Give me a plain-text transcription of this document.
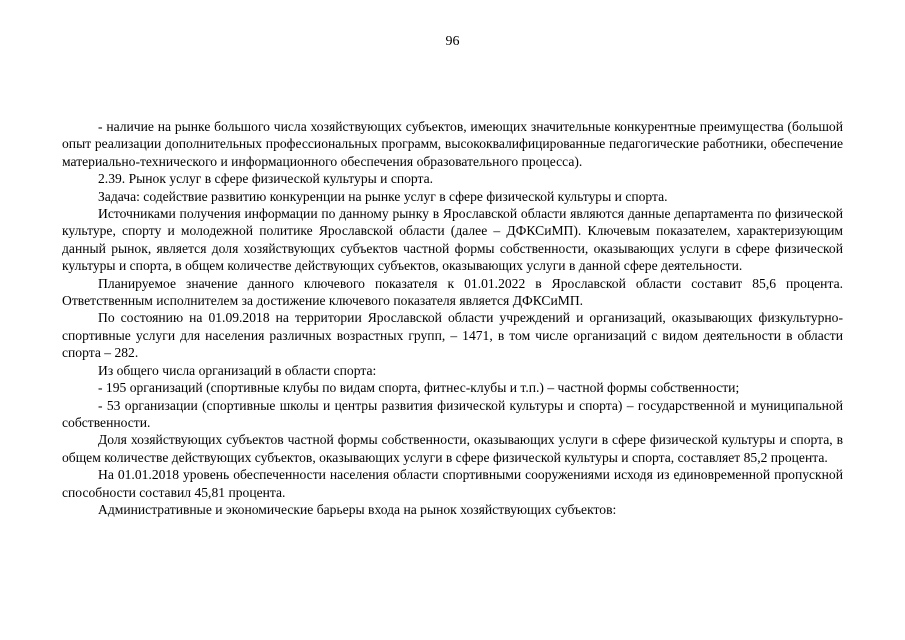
96

- наличие на рынке большого числа хозяйствующих субъектов, имеющих значительные конкурентные преимущества (большой опыт реализации дополнительных профессиональных программ, высококвалифицированные педагогические работники, обеспечение материально-технического и информационного обеспечения образовательного процесса).

2.39. Рынок услуг в сфере физической культуры и спорта.

Задача: содействие развитию конкуренции на рынке услуг в сфере физической культуры и спорта.

Источниками получения информации по данному рынку в Ярославской области являются данные департамента по физической культуре, спорту и молодежной политике Ярославской области (далее – ДФКСиМП). Ключевым показателем, характеризующим данный рынок, является доля хозяйствующих субъектов частной формы собственности, оказывающих услуги в сфере физической культуры и спорта, в общем количестве действующих субъектов, оказывающих услуги в данной сфере деятельности.

Планируемое значение данного ключевого показателя к 01.01.2022 в Ярославской области составит 85,6 процента. Ответственным исполнителем за достижение ключевого показателя является ДФКСиМП.

По состоянию на 01.09.2018 на территории Ярославской области учреждений и организаций, оказывающих физкультурно-спортивные услуги для населения различных возрастных групп, – 1471, в том числе организаций с видом деятельности в области спорта – 282.

Из общего числа организаций в области спорта:

- 195 организаций (спортивные клубы по видам спорта, фитнес-клубы и т.п.) – частной формы собственности;

- 53 организации (спортивные школы и центры развития физической культуры и спорта) – государственной и муниципальной собственности.

Доля хозяйствующих субъектов частной формы собственности, оказывающих услуги в сфере физической культуры и спорта, в общем количестве действующих субъектов, оказывающих услуги в сфере физической культуры и спорта, составляет 85,2 процента.

На 01.01.2018 уровень обеспеченности населения области спортивными сооружениями исходя из единовременной пропускной способности составил 45,81 процента.

Административные и экономические барьеры входа на рынок хозяйствующих субъектов:
